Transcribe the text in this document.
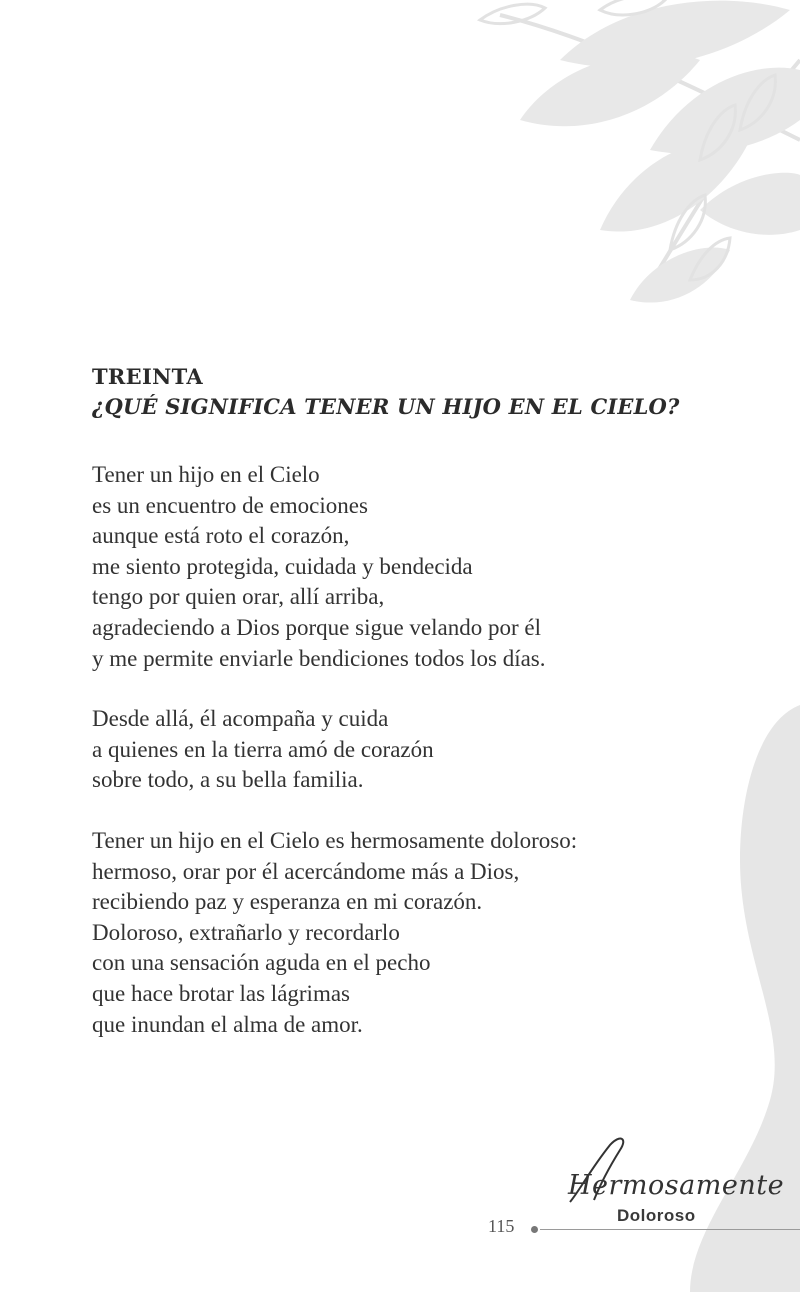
TREINTA
¿QUÉ SIGNIFICA TENER UN HIJO EN EL CIELO?
Tener un hijo en el Cielo
es un encuentro de emociones
aunque está roto el corazón,
me siento protegida, cuidada y bendecida
tengo por quien orar, allí arriba,
agradeciendo a Dios porque sigue velando por él
y me permite enviarle bendiciones todos los días.
Desde allá, él acompaña y cuida
a quienes en la tierra amó de corazón
sobre todo, a su bella familia.
Tener un hijo en el Cielo es hermosamente doloroso:
hermoso, orar por él acercándome más a Dios,
recibiendo paz y esperanza en mi corazón.
Doloroso, extrañarlo y recordarlo
con una sensación aguda en el pecho
que hace brotar las lágrimas
que inundan el alma de amor.
Hermosamente
Doloroso
115
